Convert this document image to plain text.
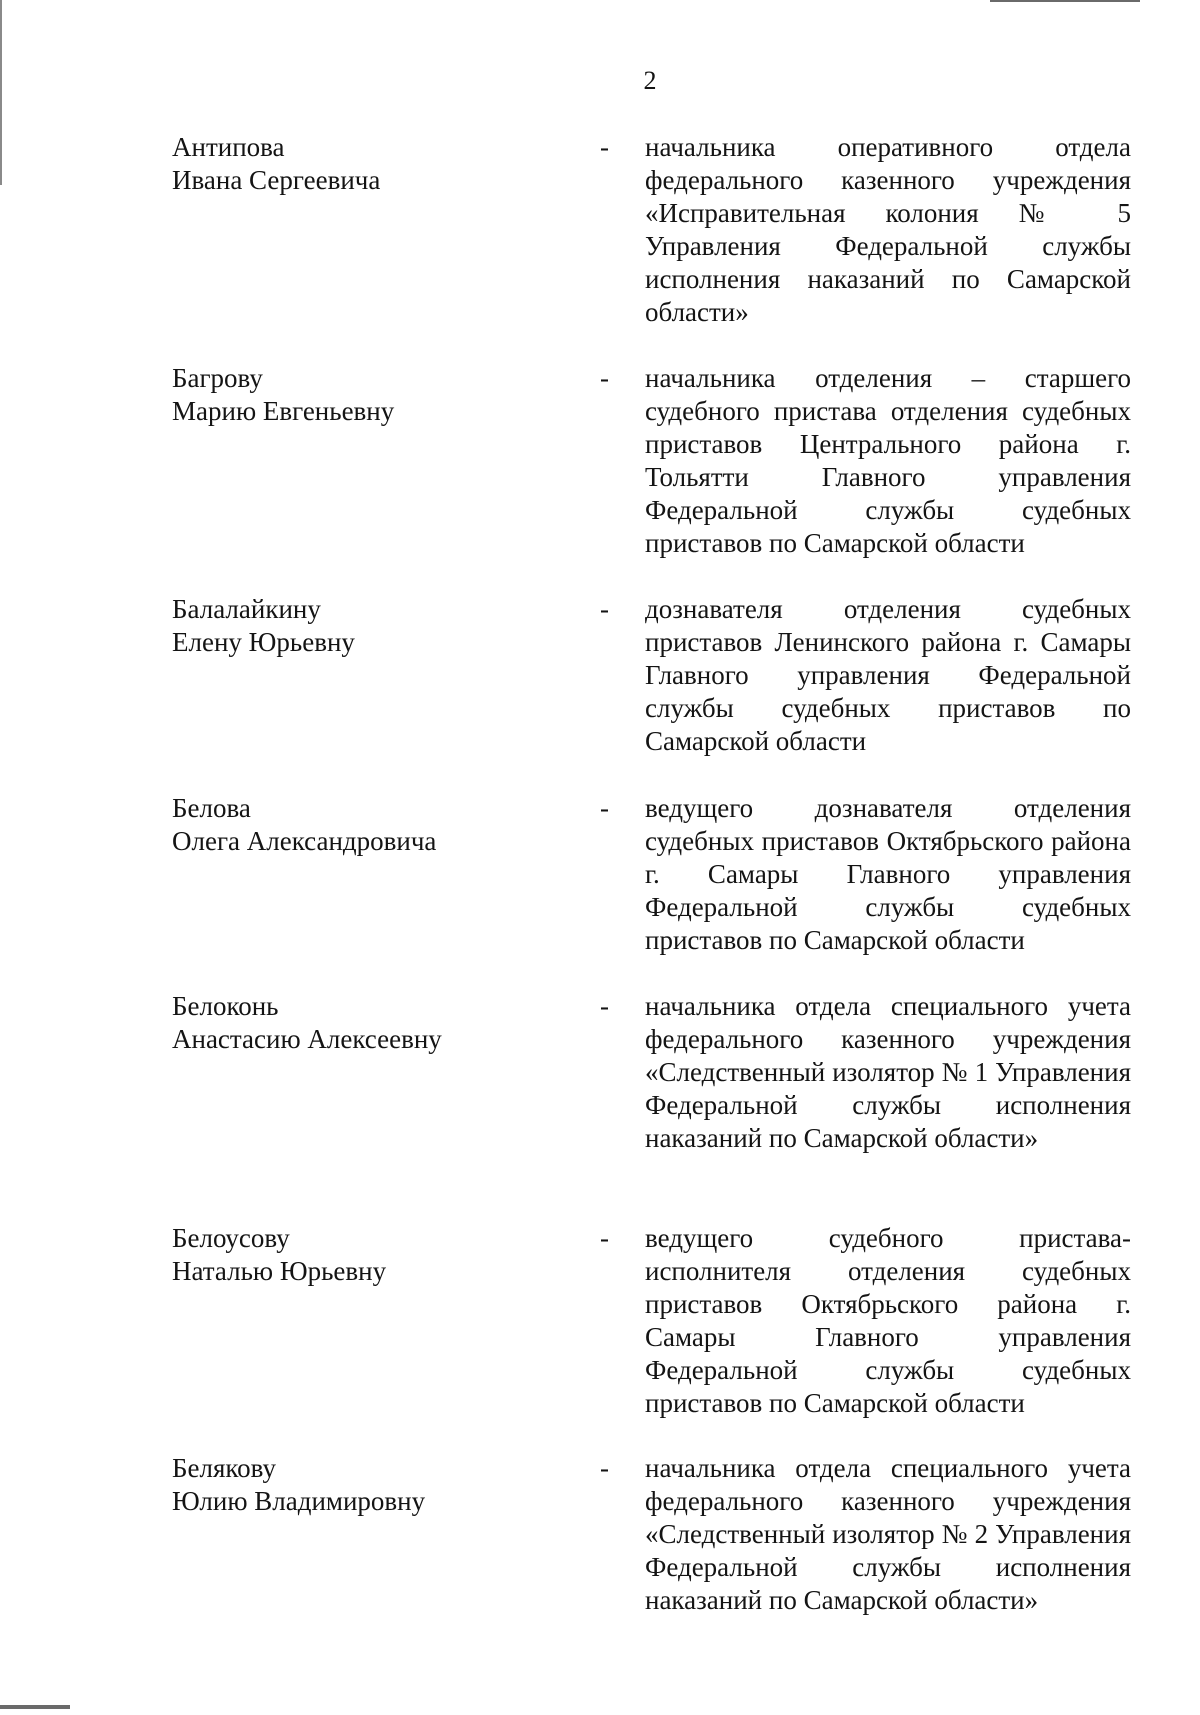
2
Антипова
Ивана Сергеевича
- начальника оперативного отдела федерального казенного учреждения «Исправительная колония № 5 Управления Федеральной службы исполнения наказаний по Самарской области»
Багрову
Марию Евгеньевну
- начальника отделения – старшего судебного пристава отделения судебных приставов Центрального района г. Тольятти Главного управления Федеральной службы судебных приставов по Самарской области
Балалайкину
Елену Юрьевну
- дознавателя отделения судебных приставов Ленинского района г. Самары Главного управления Федеральной службы судебных приставов по Самарской области
Белова
Олега Александровича
- ведущего дознавателя отделения судебных приставов Октябрьского района г. Самары Главного управления Федеральной службы судебных приставов по Самарской области
Белоконь
Анастасию Алексеевну
- начальника отдела специального учета федерального казенного учреждения «Следственный изолятор № 1 Управления Федеральной службы исполнения наказаний по Самарской области»
Белоусову
Наталью Юрьевну
- ведущего судебного пристава-исполнителя отделения судебных приставов Октябрьского района г. Самары Главного управления Федеральной службы судебных приставов по Самарской области
Белякову
Юлию Владимировну
- начальника отдела специального учета федерального казенного учреждения «Следственный изолятор № 2 Управления Федеральной службы исполнения наказаний по Самарской области»
